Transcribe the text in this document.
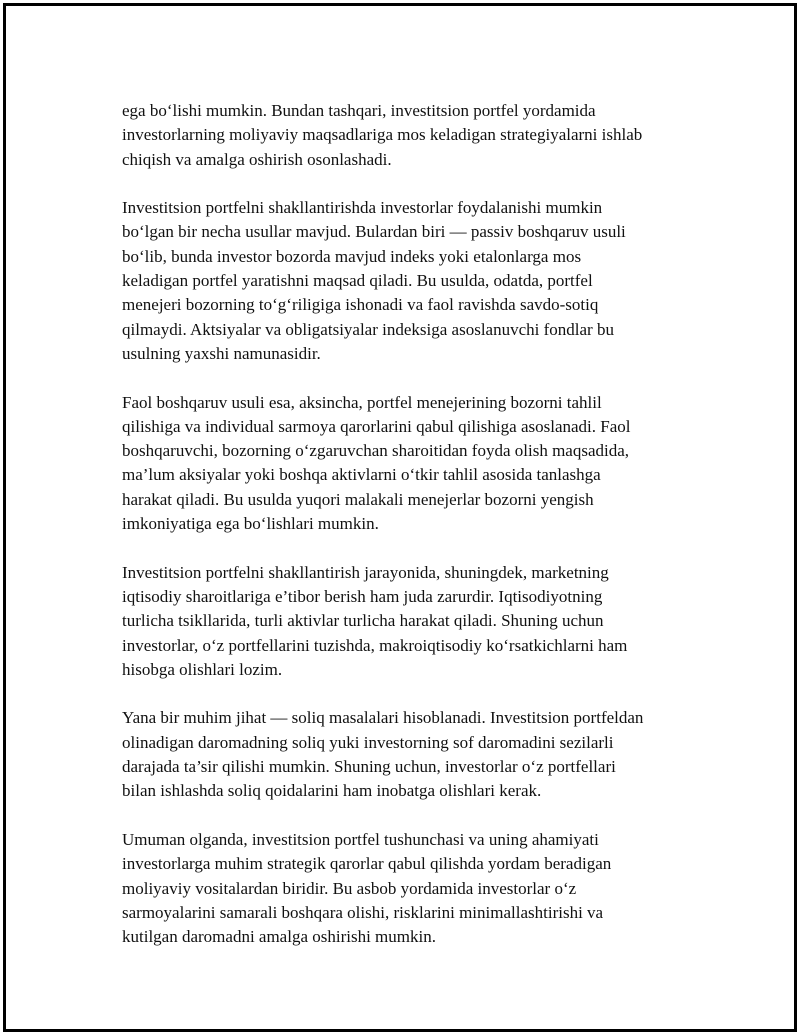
ega bo‘lishi mumkin. Bundan tashqari, investitsion portfel yordamida
investorlarning moliyaviy maqsadlariga mos keladigan strategiyalarni ishlab
chiqish va amalga oshirish osonlashadi.

Investitsion portfelni shakllantirishda investorlar foydalanishi mumkin
bo‘lgan bir necha usullar mavjud. Bulardan biri — passiv boshqaruv usuli
bo‘lib, bunda investor bozorda mavjud indeks yoki etalonlarga mos
keladigan portfel yaratishni maqsad qiladi. Bu usulda, odatda, portfel
menejeri bozorning to‘g‘riligiga ishonadi va faol ravishda savdo-sotiq
qilmaydi. Aktsiyalar va obligatsiyalar indeksiga asoslanuvchi fondlar bu
usulning yaxshi namunasidir.

Faol boshqaruv usuli esa, aksincha, portfel menejerining bozorni tahlil
qilishiga va individual sarmoya qarorlarini qabul qilishiga asoslanadi. Faol
boshqaruvchi, bozorning o‘zgaruvchan sharoitidan foyda olish maqsadida,
ma’lum aksiyalar yoki boshqa aktivlarni o‘tkir tahlil asosida tanlashga
harakat qiladi. Bu usulda yuqori malakali menejerlar bozorni yengish
imkoniyatiga ega bo‘lishlari mumkin.

Investitsion portfelni shakllantirish jarayonida, shuningdek, marketning
iqtisodiy sharoitlariga e’tibor berish ham juda zarurdir. Iqtisodiyotning
turlicha tsikllarida, turli aktivlar turlicha harakat qiladi. Shuning uchun
investorlar, o‘z portfellarini tuzishda, makroiqtisodiy ko‘rsatkichlarni ham
hisobga olishlari lozim.

Yana bir muhim jihat — soliq masalalari hisoblanadi. Investitsion portfeldan
olinadigan daromadning soliq yuki investorning sof daromadini sezilarli
darajada ta’sir qilishi mumkin. Shuning uchun, investorlar o‘z portfellari
bilan ishlashda soliq qoidalarini ham inobatga olishlari kerak.

Umuman olganda, investitsion portfel tushunchasi va uning ahamiyati
investorlarga muhim strategik qarorlar qabul qilishda yordam beradigan
moliyaviy vositalardan biridir. Bu asbob yordamida investorlar o‘z
sarmoyalarini samarali boshqara olishi, risklarini minimallashtirishi va
kutilgan daromadni amalga oshirishi mumkin.
